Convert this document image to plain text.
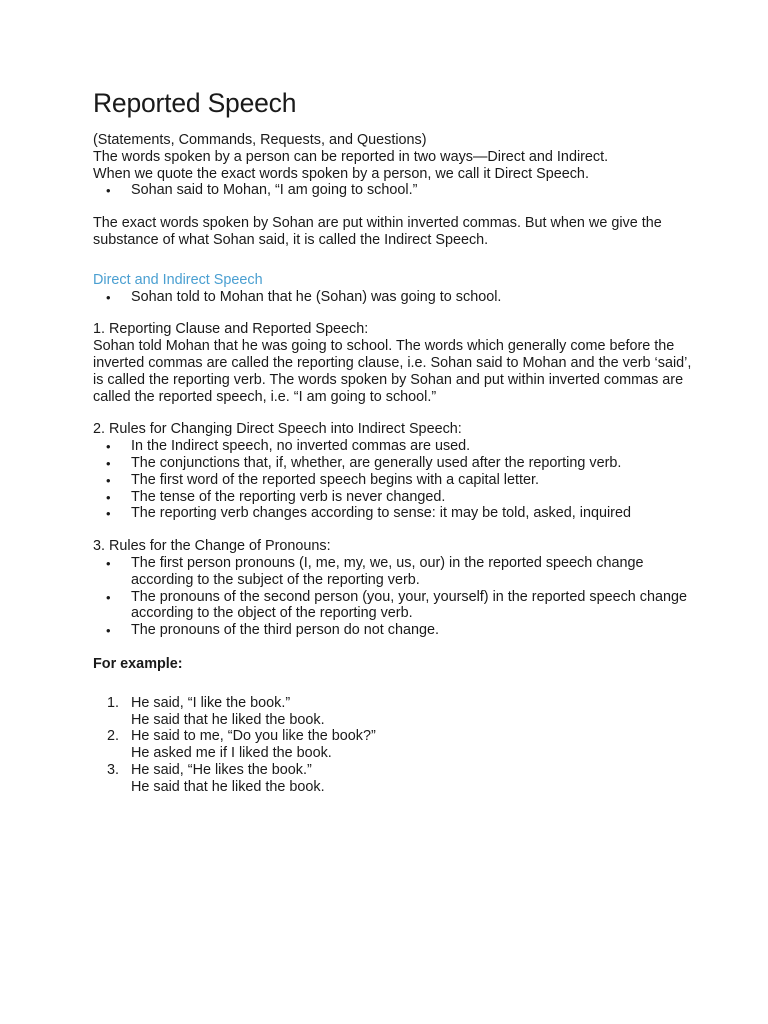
Reported Speech

(Statements, Commands, Requests, and Questions)

The words spoken by a person can be reported in two ways—Direct and Indirect.

When we quote the exact words spoken by a person, we call it Direct Speech.

• Sohan said to Mohan, “I am going to school.”

The exact words spoken by Sohan are put within inverted commas. But when we give the substance of what Sohan said, it is called the Indirect Speech.

Direct and Indirect Speech

• Sohan told to Mohan that he (Sohan) was going to school.

1. Reporting Clause and Reported Speech:

Sohan told Mohan that he was going to school. The words which generally come before the inverted commas are called the reporting clause, i.e. Sohan said to Mohan and the verb ‘said’, is called the reporting verb. The words spoken by Sohan and put within inverted commas are called the reported speech, i.e. “I am going to school.”

2. Rules for Changing Direct Speech into Indirect Speech:

• In the Indirect speech, no inverted commas are used.
• The conjunctions that, if, whether, are generally used after the reporting verb.
• The first word of the reported speech begins with a capital letter.
• The tense of the reporting verb is never changed.
• The reporting verb changes according to sense: it may be told, asked, inquired

3. Rules for the Change of Pronouns:

• The first person pronouns (I, me, my, we, us, our) in the reported speech change according to the subject of the reporting verb.
• The pronouns of the second person (you, your, yourself) in the reported speech change according to the object of the reporting verb.
• The pronouns of the third person do not change.

For example:

1. He said, “I like the book.”
He said that he liked the book.
2. He said to me, “Do you like the book?”
He asked me if I liked the book.
3. He said, “He likes the book.”
He said that he liked the book.
